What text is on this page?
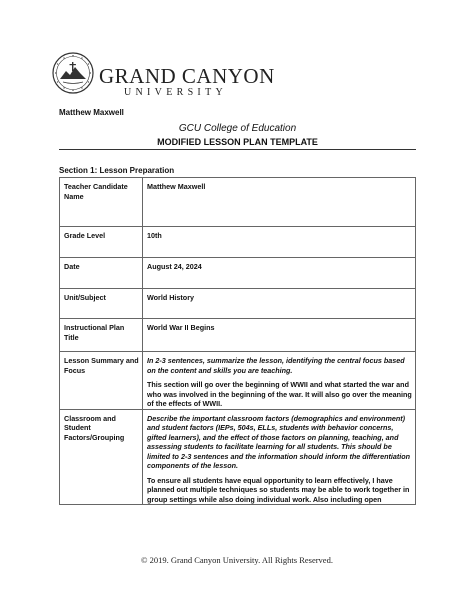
GRAND CANYON
UNIVERSITY
Matthew Maxwell
GCU College of Education
MODIFIED LESSON PLAN TEMPLATE
Section 1: Lesson Preparation
Teacher Candidate Name	Matthew Maxwell
Grade Level	10th
Date	August 24, 2024
Unit/Subject	World History
Instructional Plan Title	World War II Begins
Lesson Summary and Focus	In 2-3 sentences, summarize the lesson, identifying the central focus based on the content and skills you are teaching.
This section will go over the beginning of WWII and what started the war and who was involved in the beginning of the war. It will also go over the meaning of the effects of WWII.

Classroom and Student Factors/Grouping	Describe the important classroom factors (demographics and environment) and student factors (IEPs, 504s, ELLs, students with behavior concerns, gifted learners), and the effect of those factors on planning, teaching, and assessing students to facilitate learning for all students. This should be limited to 2-3 sentences and the information should inform the differentiation components of the lesson.
To ensure all students have equal opportunity to learn effectively, I have planned out multiple techniques so students may be able to work together in group settings while also doing individual work. Also including open
© 2019. Grand Canyon University. All Rights Reserved.
